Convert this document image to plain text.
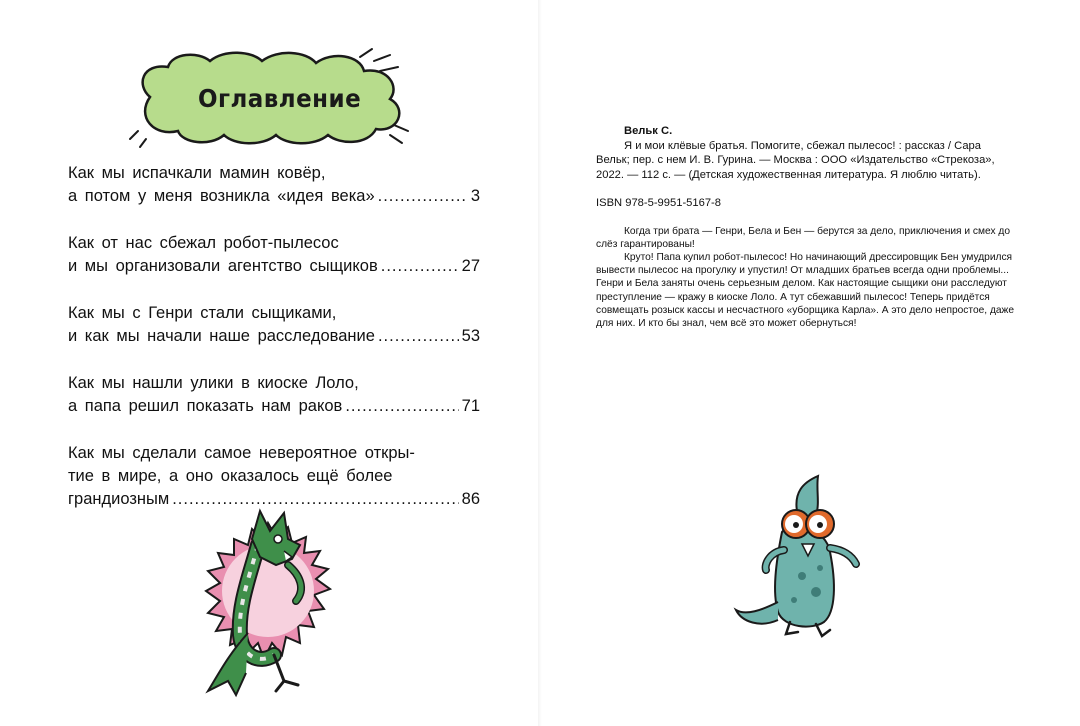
Оглавление
Как мы испачкали мамин ковёр,
а потом у меня возникла «идея века» .....	3
Как от нас сбежал робот-пылесос
и мы организовали агентство сыщиков .....	27
Как мы с Генри стали сыщиками,
и как мы начали наше расследование .....	53
Как мы нашли улики в киоске Лоло,
а папа решил показать нам раков .....	71
Как мы сделали самое невероятное откры-
тие в мире, а оно оказалось ещё более
грандиозным .....	86
Вельк С.
Я и мои клёвые братья. Помогите, сбежал пылесос! : рассказ / Сара Вельк; пер. с нем И. В. Гурина. — Москва : ООО «Издательство «Стрекоза», 2022. — 112 с. — (Детская художественная литература. Я люблю читать).
ISBN 978-5-9951-5167-8

Когда три брата — Генри, Бела и Бен — берутся за дело, приключения и смех до слёз гарантированы!

Круто! Папа купил робот-пылесос! Но начинающий дрессировщик Бен умудрился вывести пылесос на прогулку и упустил! От младших братьев всегда одни проблемы... Генри и Бела заняты очень серьезным делом. Как настоящие сыщики они расследуют преступление — кражу в киоске Лоло. А тут сбежавший пылесос! Теперь придётся совмещать розыск кассы и несчастного «уборщика Карла». А это дело непростое, даже для них. И кто бы знал, чем всё это может обернуться!
